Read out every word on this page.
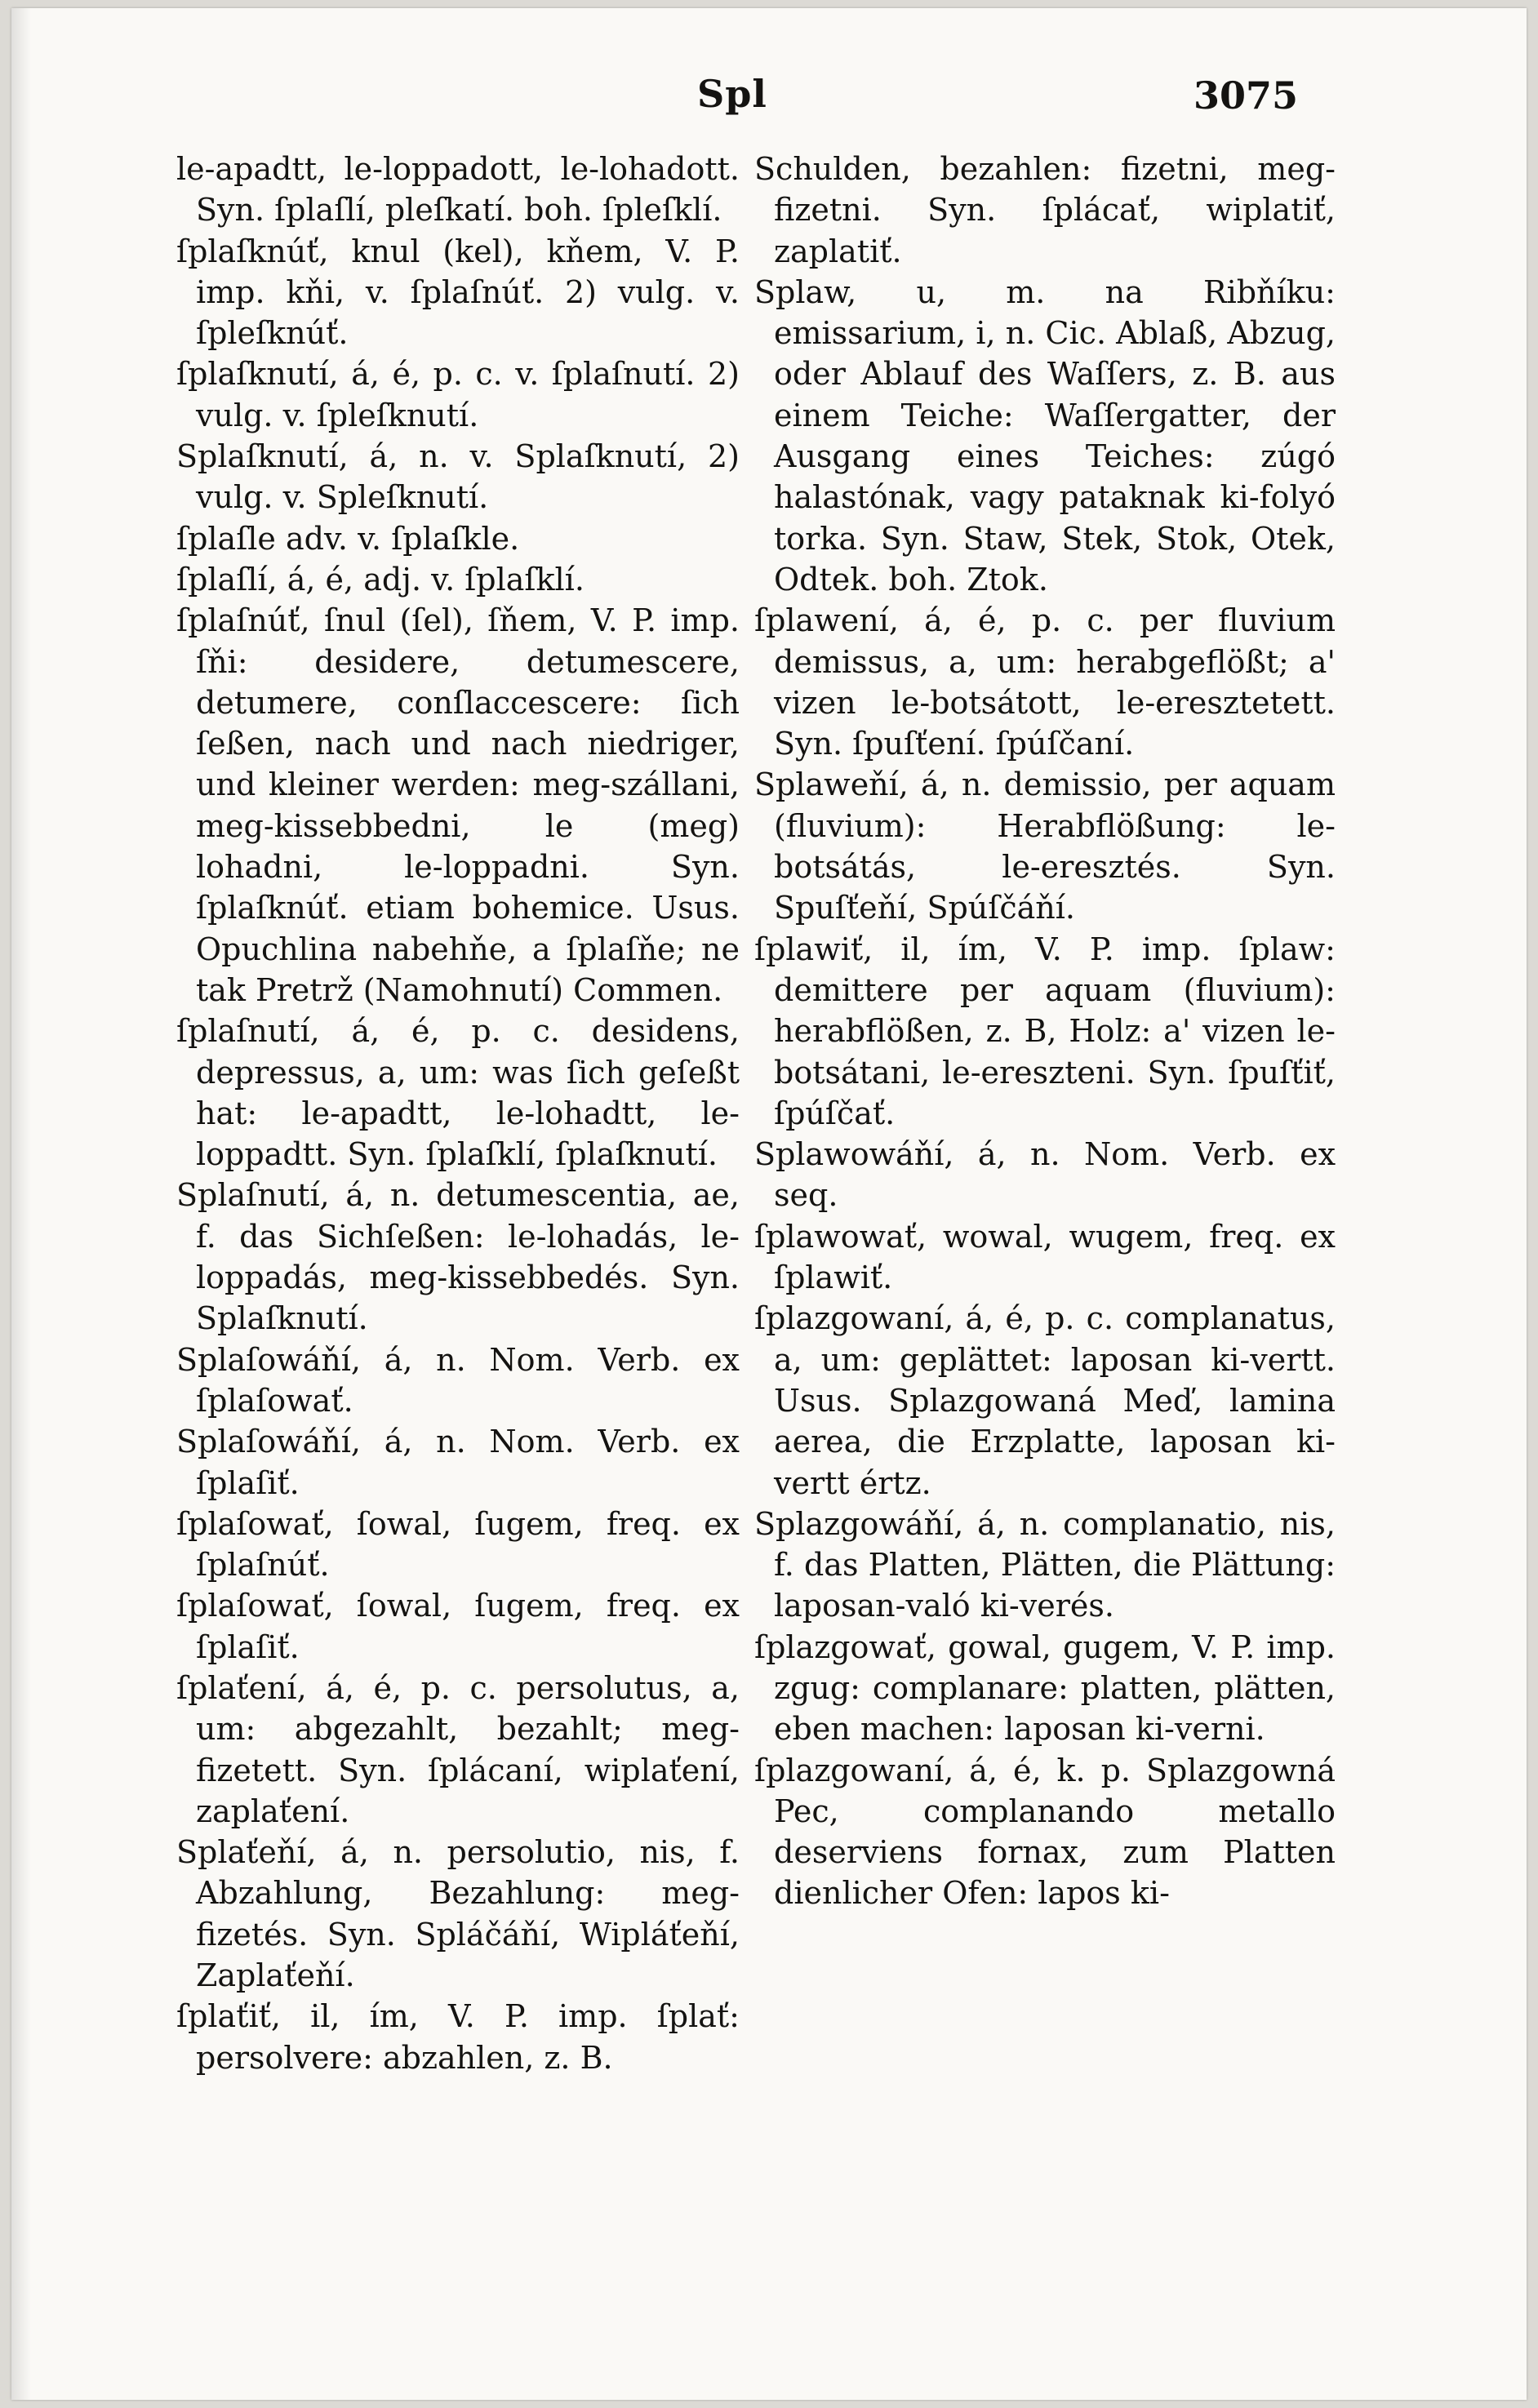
Spl	3075

le-apadtt, le-loppadott, le-lohadott. Syn. ſplaſlí, pleſkatí. boh. ſpleſklí.

ſplaſknúť, knul (kel), kňem, V. P. imp. kňi, v. ſplaſnúť. 2) vulg. v. ſpleſknúť.

ſplaſknutí, á, é, p. c. v. ſplaſnutí. 2) vulg. v. ſpleſknutí.

Splaſknutí, á, n. v. Splaſknutí, 2) vulg. v. Spleſknutí.

ſplaſle adv. v. ſplaſkle.

ſplaſlí, á, é, adj. v. ſplaſklí.

ſplaſnúť, ſnul (ſel), ſňem, V. P. imp. ſňi: desidere, detumescere, detumere, conſlaccescere: ſich ſeßen, nach und nach niedriger, und kleiner werden: meg-szállani, meg-kissebbedni, le (meg) lohadni, le-loppadni. Syn. ſplaſknúť. etiam bohemice. Usus. Opuchlina nabehňe, a ſplaſňe; ne tak Pretrž (Namohnutí) Commen.

ſplaſnutí, á, é, p. c. desidens, depressus, a, um: was ſich geſeßt hat: le-apadtt, le-lohadtt, le-loppadtt. Syn. ſplaſklí, ſplaſknutí.

Splaſnutí, á, n. detumescentia, ae, f. das Sichſeßen: le-lohadás, le-loppadás, meg-kissebbedés. Syn. Splaſknutí.

Splaſowáňí, á, n. Nom. Verb. ex ſplaſowať.

Splaſowáňí, á, n. Nom. Verb. ex ſplaſiť.

ſplaſowať, ſowal, ſugem, freq. ex ſplaſnúť.

ſplaſowať, ſowal, ſugem, freq. ex ſplaſiť.

ſplaťení, á, é, p. c. persolutus, a, um: abgezahlt, bezahlt; meg-fizetett. Syn. ſplácaní, wiplaťení, zaplaťení.

Splaťeňí, á, n. persolutio, nis, f. Abzahlung, Bezahlung: meg-fizetés. Syn. Spláčáňí, Wipláťeňí, Zaplaťeňí.

ſplaťiť, il, ím, V. P. imp. ſplať: persolvere: abzahlen, z. B.

Schulden, bezahlen: fizetni, meg-fizetni. Syn. ſplácať, wiplatiť, zaplatiť.

Splaw, u, m. na Ribňíku: emissarium, i, n. Cic. Ablaß, Abzug, oder Ablauf des Waſſers, z. B. aus einem Teiche: Waſſergatter, der Ausgang eines Teiches: zúgó halastónak, vagy pataknak ki-folyó torka. Syn. Staw, Stek, Stok, Otek, Odtek. boh. Ztok.

ſplawení, á, é, p. c. per fluvium demissus, a, um: herabgeflößt; a' vizen le-botsátott, le-eresztetett. Syn. ſpuſťení. ſpúſčaní.

Splaweňí, á, n. demissio, per aquam (fluvium): Herabflößung: le-botsátás, le-eresztés. Syn. Spuſťeňí, Spúſčáňí.

ſplawiť, il, ím, V. P. imp. ſplaw: demittere per aquam (fluvium): herabflößen, z. B, Holz: a' vizen le-botsátani, le-ereszteni. Syn. ſpuſťiť, ſpúſčať.

Splawowáňí, á, n. Nom. Verb. ex seq.

ſplawowať, wowal, wugem, freq. ex ſplawiť.

ſplazgowaní, á, é, p. c. complanatus, a, um: geplättet: laposan ki-vertt. Usus. Splazgowaná Meď, lamina aerea, die Erzplatte, laposan ki-vertt értz.

Splazgowáňí, á, n. complanatio, nis, f. das Platten, Plätten, die Plättung: laposan-való ki-verés.

ſplazgowať, gowal, gugem, V. P. imp. zgug: complanare: platten, plätten, eben machen: laposan ki-verni.

ſplazgowaní, á, é, k. p. Splazgowná Pec, complanando metallo deserviens fornax, zum Platten dienlicher Ofen: lapos ki-
